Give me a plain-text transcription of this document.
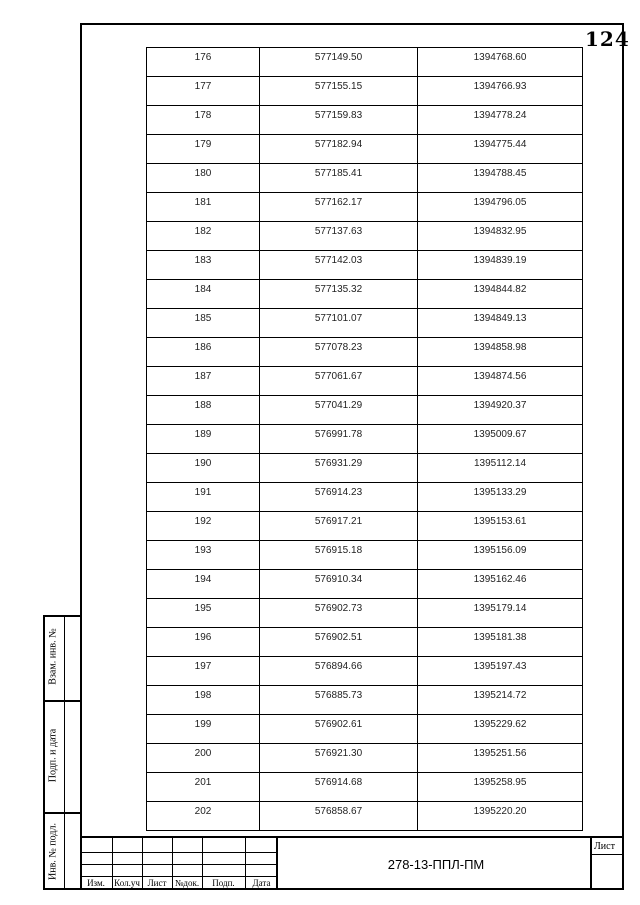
124
176	577149.50	1394768.60
177	577155.15	1394766.93
178	577159.83	1394778.24
179	577182.94	1394775.44
180	577185.41	1394788.45
181	577162.17	1394796.05
182	577137.63	1394832.95
183	577142.03	1394839.19
184	577135.32	1394844.82
185	577101.07	1394849.13
186	577078.23	1394858.98
187	577061.67	1394874.56
188	577041.29	1394920.37
189	576991.78	1395009.67
190	576931.29	1395112.14
191	576914.23	1395133.29
192	576917.21	1395153.61
193	576915.18	1395156.09
194	576910.34	1395162.46
195	576902.73	1395179.14
196	576902.51	1395181.38
197	576894.66	1395197.43
198	576885.73	1395214.72
199	576902.61	1395229.62
200	576921.30	1395251.56
201	576914.68	1395258.95
202	576858.67	1395220.20
Взам. инв. №
Подп. и дата
Инв. № подл.
Изм.	Кол.уч Лист №док.	Подп.	Дата
278-13-ППЛ-ПМ
Лист
